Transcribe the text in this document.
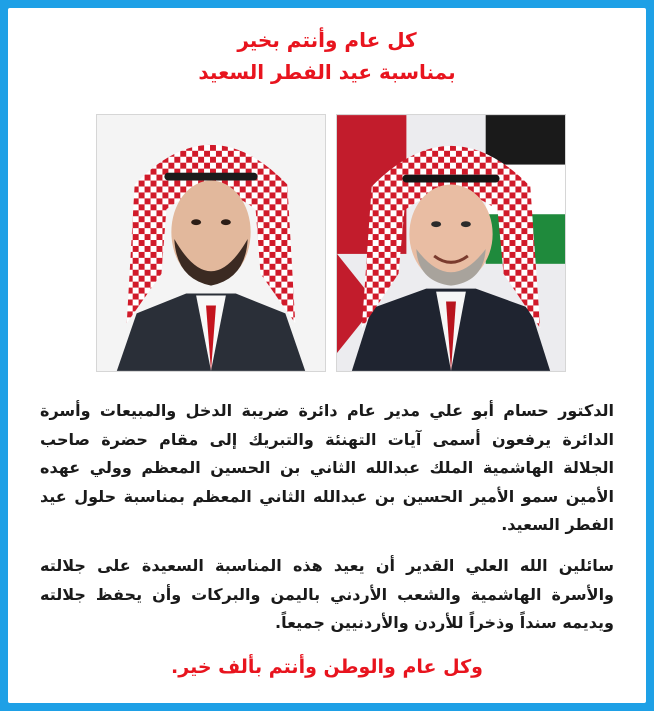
كل عام وأنتم بخير
بمناسبة عيد الفطر السعيد
الدكتور حسام أبو علي مدير عام دائرة ضريبة الدخل والمبيعات وأسرة الدائرة يرفعون أسمى آيات التهنئة والتبريك إلى مقام حضرة صاحب الجلالة الهاشمية الملك عبدالله الثاني بن الحسين المعظم وولي عهده الأمين سمو الأمير الحسين بن عبدالله الثاني المعظم بمناسبة حلول عيد الفطر السعيد.
سائلين الله العلي القدير أن يعيد هذه المناسبة السعيدة على جلالته والأسرة الهاشمية والشعب الأردني باليمن والبركات وأن يحفظ جلالته ويديمه سنداً وذخراً للأردن والأردنيين جميعاً.
وكل عام والوطن وأنتم بألف خير.
